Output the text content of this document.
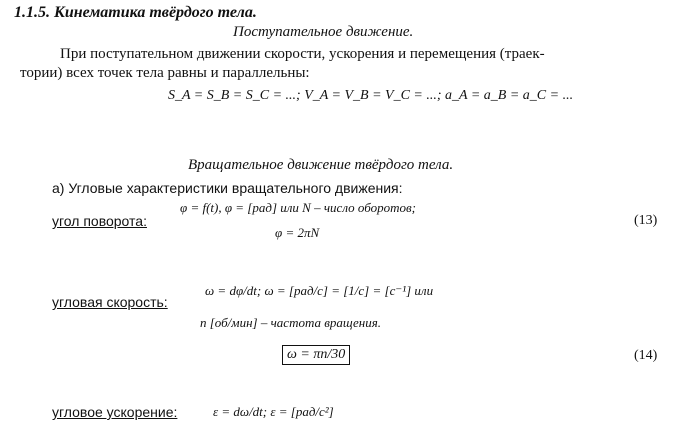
1.1.5. Кинематика твёрдого тела.
Поступательное движение.
При поступательном движении скорости, ускорения и перемещения (траек-
тории) всех точек тела равны и параллельны:
S_A = S_B = S_C = ...; V_A = V_B = V_C = ...; a_A = a_B = a_C = ...
Вращательное движение твёрдого тела.
а) Угловые характеристики вращательного движения:
угол поворота:
φ = f(t), φ = [рад] или N – число оборотов;
φ = 2πN
(13)
ω = dφ/dt; ω = [рад/c] = [1/c] = [c⁻¹] или
угловая скорость:
n [об/мин] – частота вращения.
ω = πn/30	(14)
угловое ускорение:	ε = dω/dt; ε = [рад/c²]
